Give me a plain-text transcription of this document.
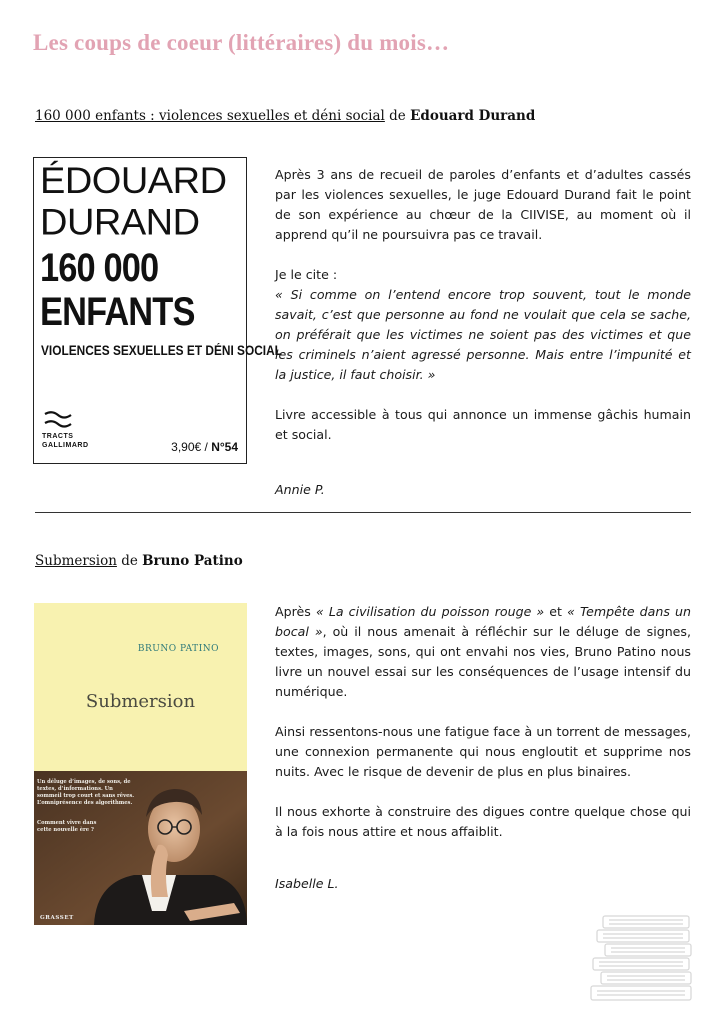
Les coups de coeur (littéraires) du mois…
160 000 enfants : violences sexuelles et déni social de Edouard Durand
ÉDOUARD
DURAND
160 000
ENFANTS
VIOLENCES SEXUELLES ET DÉNI SOCIAL
TRACTS
GALLIMARD	3,90€ / N°54

Après 3 ans de recueil de paroles d’enfants et d’adultes cassés par les violences sexuelles, le juge Edouard Durand fait le point de son expérience au chœur de la CIIVISE, au moment où il apprend qu’il ne poursuivra pas ce travail.

Je le cite :

« Si comme on l’entend encore trop souvent, tout le monde savait, c’est que personne au fond ne voulait que cela se sache, on préférait que les victimes ne soient pas des victimes et que les criminels n’aient agressé personne. Mais entre l’impunité et la justice, il faut choisir. »

Livre accessible à tous qui annonce un immense gâchis humain et social.

Annie P.

Submersion de Bruno Patino
BRUNO PATINO
Submersion
Un déluge d’images, de sons, de textes, d’informations. Un sommeil trop court et sans rêves. L’omniprésence des algorithmes.
Comment vivre dans cette nouvelle ère ?
GRASSET

Après « La civilisation du poisson rouge » et « Tempête dans un bocal », où il nous amenait à réfléchir sur le déluge de signes, textes, images, sons, qui ont envahi nos vies, Bruno Patino nous livre un nouvel essai sur les conséquences de l’usage intensif du numérique.

Ainsi ressentons-nous une fatigue face à un torrent de messages, une connexion permanente qui nous engloutit et supprime nos nuits. Avec le risque de devenir de plus en plus binaires.

Il nous exhorte à construire des digues contre quelque chose qui à la fois nous attire et nous affaiblit.

Isabelle L.
